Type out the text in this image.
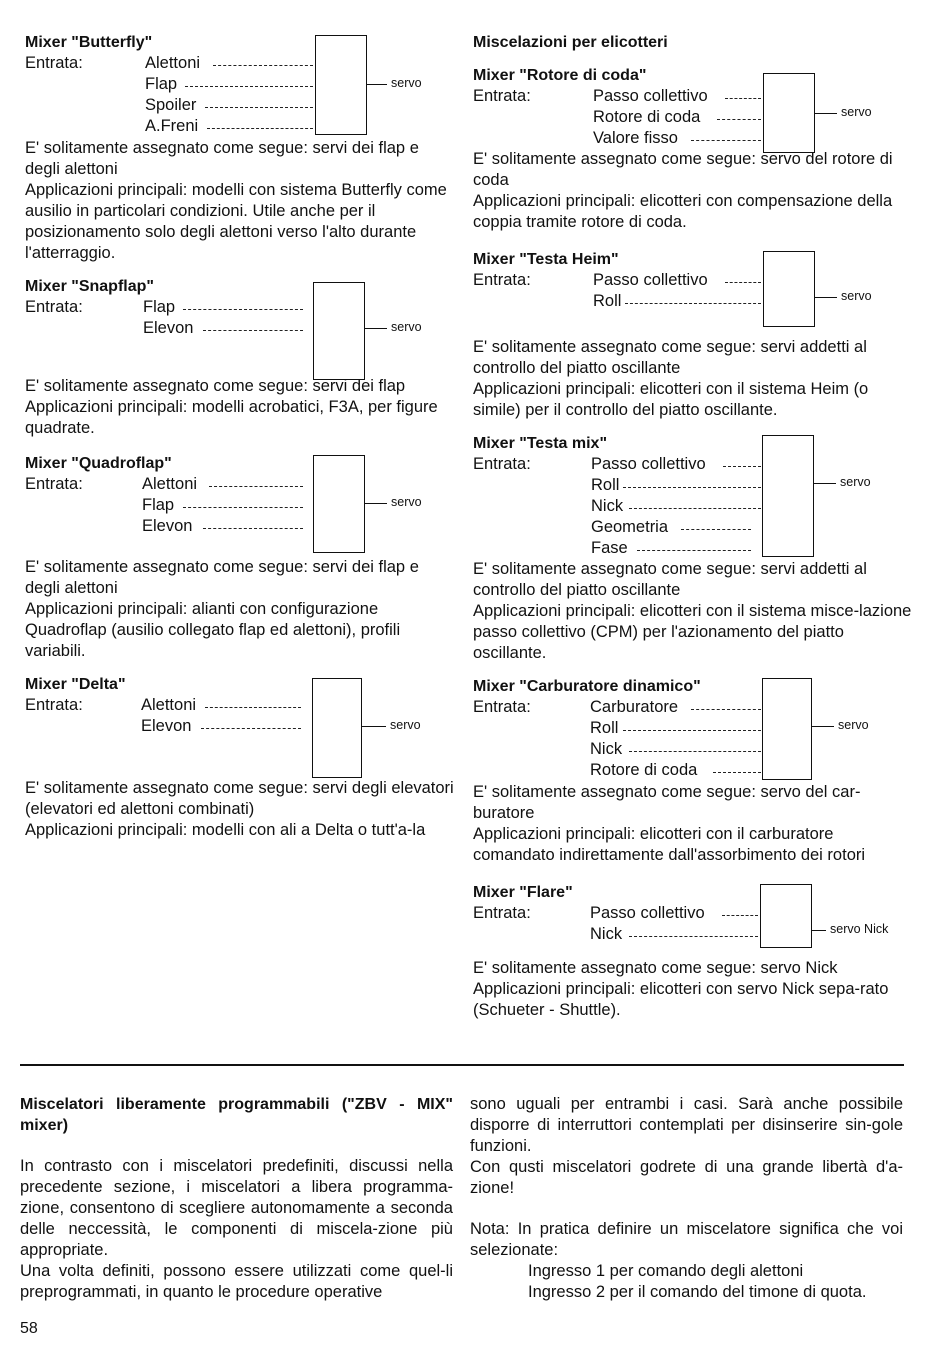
Mixer "Butterfly"
Entrata:	Alettoni
Flap
Spoiler
A.Freni
servo
E' solitamente assegnato come segue: servi dei flap e degli alettoni
Applicazioni principali: modelli con sistema Butterfly come ausilio in particolari condizioni. Utile anche per il posizionamento solo degli alettoni verso l'alto durante l'atterraggio.
Mixer "Snapflap"
Entrata:	Flap
Elevon	servo
E' solitamente assegnato come segue: servi dei flap
Applicazioni principali: modelli acrobatici, F3A, per figure quadrate.
Mixer "Quadroflap"
Entrata:	Alettoni
Flap
Elevon
servo
E' solitamente assegnato come segue: servi dei flap e degli alettoni
Applicazioni principali: alianti con configurazione Quadroflap (ausilio collegato flap ed alettoni), profili variabili.
Mixer "Delta"
Entrata:	Alettoni
Elevon	servo
E' solitamente assegnato come segue: servi degli elevatori (elevatori ed alettoni combinati)
Applicazioni principali: modelli con ali a Delta o tutt'a-la
Miscelazioni per elicotteri
Mixer "Rotore di coda"
Entrata:	Passo collettivo
Rotore di coda
Valore fisso
servo
E' solitamente assegnato come segue: servo del rotore di coda
Applicazioni principali: elicotteri con compensazione della coppia tramite rotore di coda.
Mixer "Testa Heim"
Entrata:	Passo collettivo
Roll	servo
E' solitamente assegnato come segue: servi addetti al controllo del piatto oscillante
Applicazioni principali: elicotteri con il sistema Heim (o simile) per il controllo del piatto oscillante.
Mixer "Testa mix"
Entrata:	Passo collettivo
Roll
Nick
Geometria
Fase
servo
E' solitamente assegnato come segue: servi addetti al controllo del piatto oscillante
Applicazioni principali: elicotteri con il sistema misce-lazione passo collettivo (CPM) per l'azionamento del piatto oscillante.
Mixer "Carburatore dinamico"
Entrata:	Carburatore
Roll
Nick
Rotore di coda
servo
E' solitamente assegnato come segue: servo del car-buratore
Applicazioni principali: elicotteri con il carburatore comandato indirettamente dall'assorbimento dei rotori
Mixer "Flare"
Entrata:	Passo collettivo
Nick	servo Nick
E' solitamente assegnato come segue: servo Nick
Applicazioni principali: elicotteri con servo Nick sepa-rato (Schueter - Shuttle).
Miscelatori liberamente programmabili ("ZBV - MIX" mixer)
In contrasto con i miscelatori predefiniti, discussi nella precedente sezione, i miscelatori a libera programma-zione, consentono di scegliere autonomamente a seconda delle neccessità, le componenti di miscela-zione più appropriate.
Una volta definiti, possono essere utilizzati come quel-li preprogrammati, in quanto le procedure operative
sono uguali per entrambi i casi. Sarà anche possibile disporre di interruttori contemplati per disinserire sin-gole funzioni.
Con qusti miscelatori godrete di una grande libertà d'a-zione!
Nota: In pratica definire un miscelatore significa che voi selezionate:
Ingresso 1 per comando degli alettoni
Ingresso 2 per il comando del timone di quota.
58
